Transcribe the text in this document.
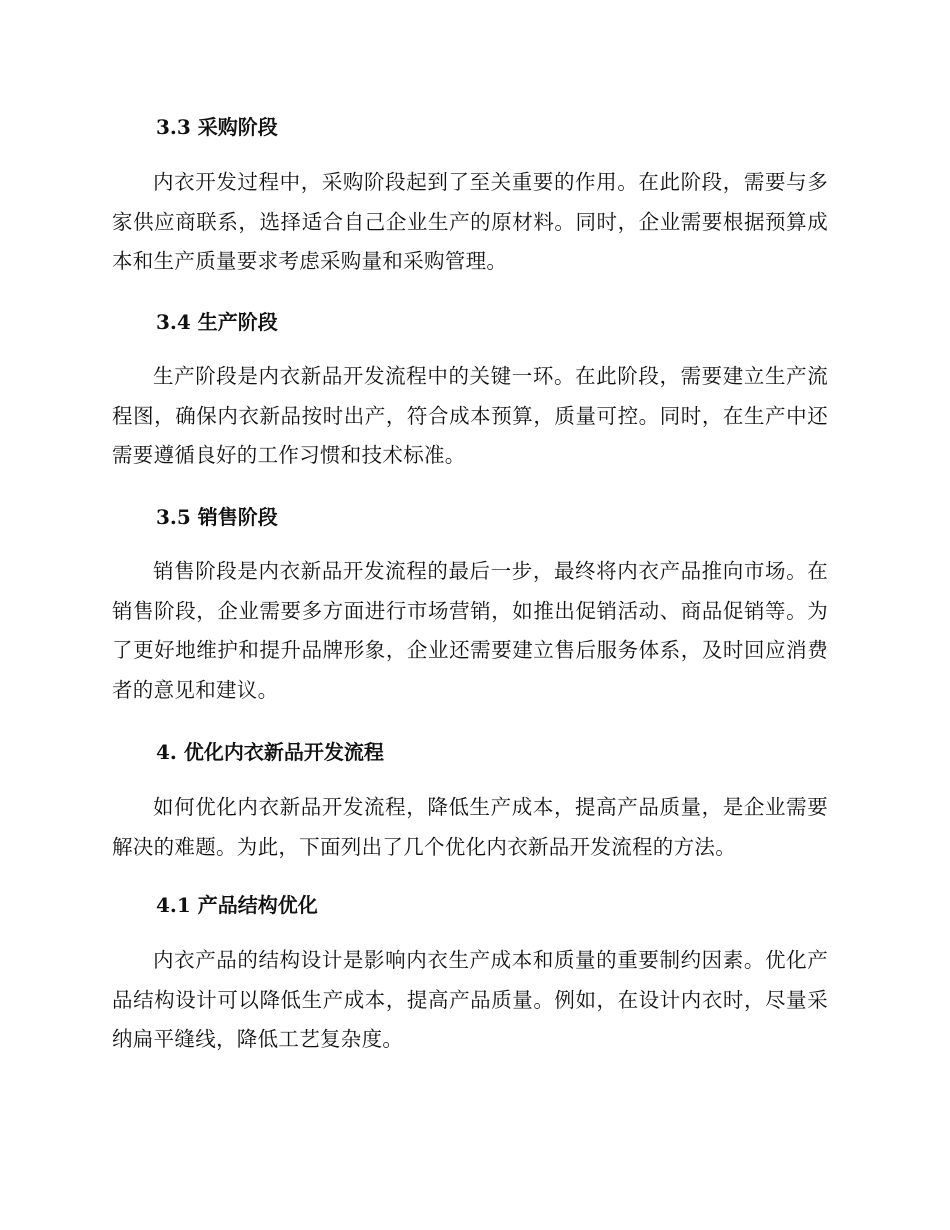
3.3 采购阶段

内衣开发过程中，采购阶段起到了至关重要的作用。在此阶段，需要与多家供应商联系，选择适合自己企业生产的原材料。同时，企业需要根据预算成本和生产质量要求考虑采购量和采购管理。

3.4 生产阶段

生产阶段是内衣新品开发流程中的关键一环。在此阶段，需要建立生产流程图，确保内衣新品按时出产，符合成本预算，质量可控。同时，在生产中还需要遵循良好的工作习惯和技术标准。

3.5 销售阶段

销售阶段是内衣新品开发流程的最后一步，最终将内衣产品推向市场。在销售阶段，企业需要多方面进行市场营销，如推出促销活动、商品促销等。为了更好地维护和提升品牌形象，企业还需要建立售后服务体系，及时回应消费者的意见和建议。

4. 优化内衣新品开发流程

如何优化内衣新品开发流程，降低生产成本，提高产品质量，是企业需要解决的难题。为此，下面列出了几个优化内衣新品开发流程的方法。

4.1 产品结构优化

内衣产品的结构设计是影响内衣生产成本和质量的重要制约因素。优化产品结构设计可以降低生产成本，提高产品质量。例如，在设计内衣时，尽量采纳扁平缝线，降低工艺复杂度。
